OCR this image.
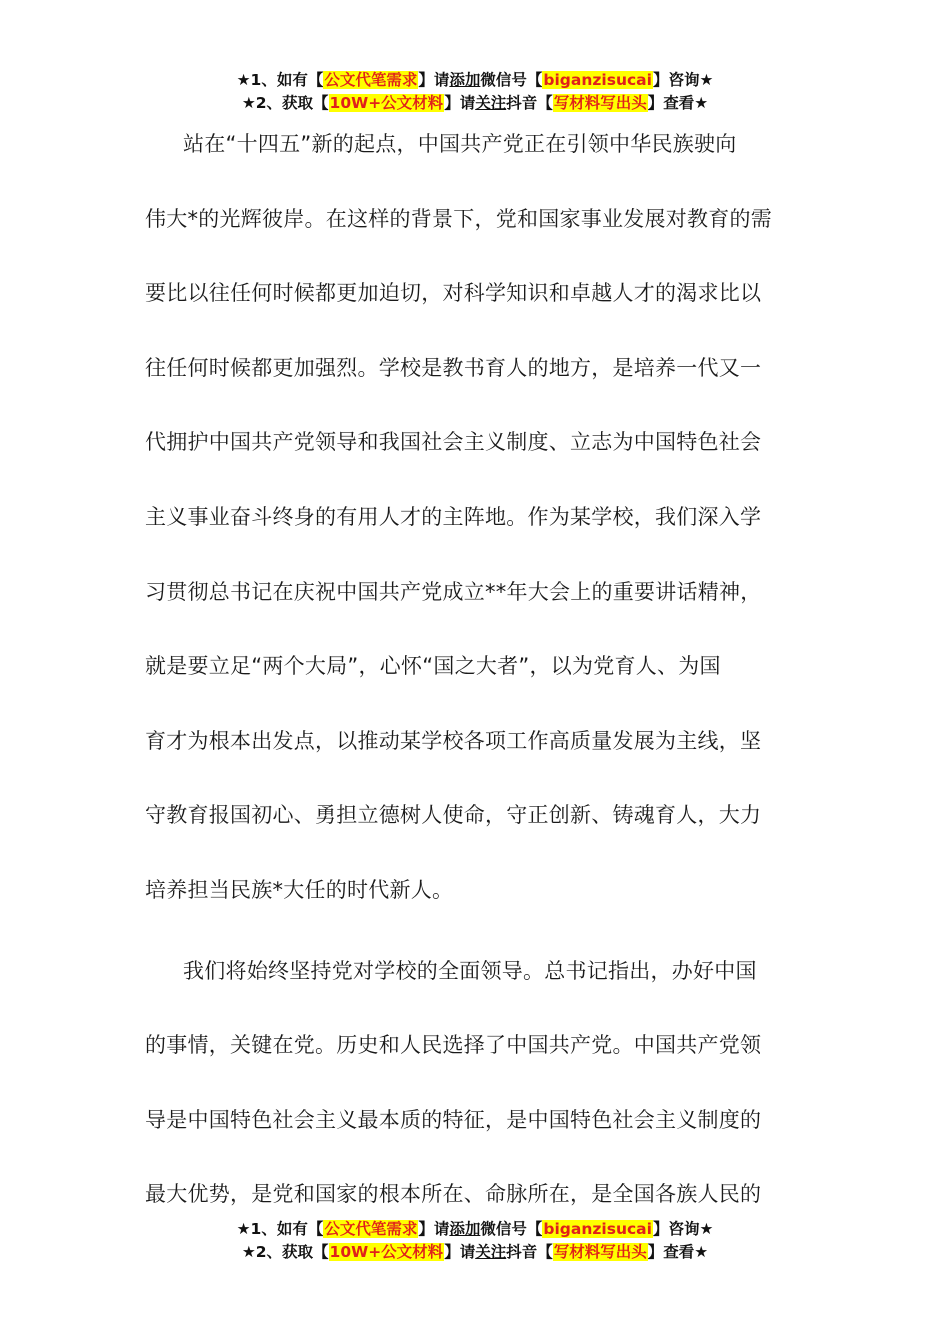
★1、如有【公文代笔需求】请添加微信号【biganzisucai】咨询★
★2、获取【10W+公文材料】请关注抖音【写材料写出头】查看★

站在“十四五”新的起点，中国共产党正在引领中华民族驶向
伟大*的光辉彼岸。在这样的背景下，党和国家事业发展对教育的需
要比以往任何时候都更加迫切，对科学知识和卓越人才的渴求比以
往任何时候都更加强烈。学校是教书育人的地方，是培养一代又一
代拥护中国共产党领导和我国社会主义制度、立志为中国特色社会
主义事业奋斗终身的有用人才的主阵地。作为某学校，我们深入学
习贯彻总书记在庆祝中国共产党成立**年大会上的重要讲话精神，
就是要立足“两个大局”，心怀“国之大者”，以为党育人、为国
育才为根本出发点，以推动某学校各项工作高质量发展为主线，坚
守教育报国初心、勇担立德树人使命，守正创新、铸魂育人，大力
培养担当民族*大任的时代新人。

我们将始终坚持党对学校的全面领导。总书记指出，办好中国
的事情，关键在党。历史和人民选择了中国共产党。中国共产党领
导是中国特色社会主义最本质的特征，是中国特色社会主义制度的
最大优势，是党和国家的根本所在、命脉所在，是全国各族人民的

★1、如有【公文代笔需求】请添加微信号【biganzisucai】咨询★
★2、获取【10W+公文材料】请关注抖音【写材料写出头】查看★
